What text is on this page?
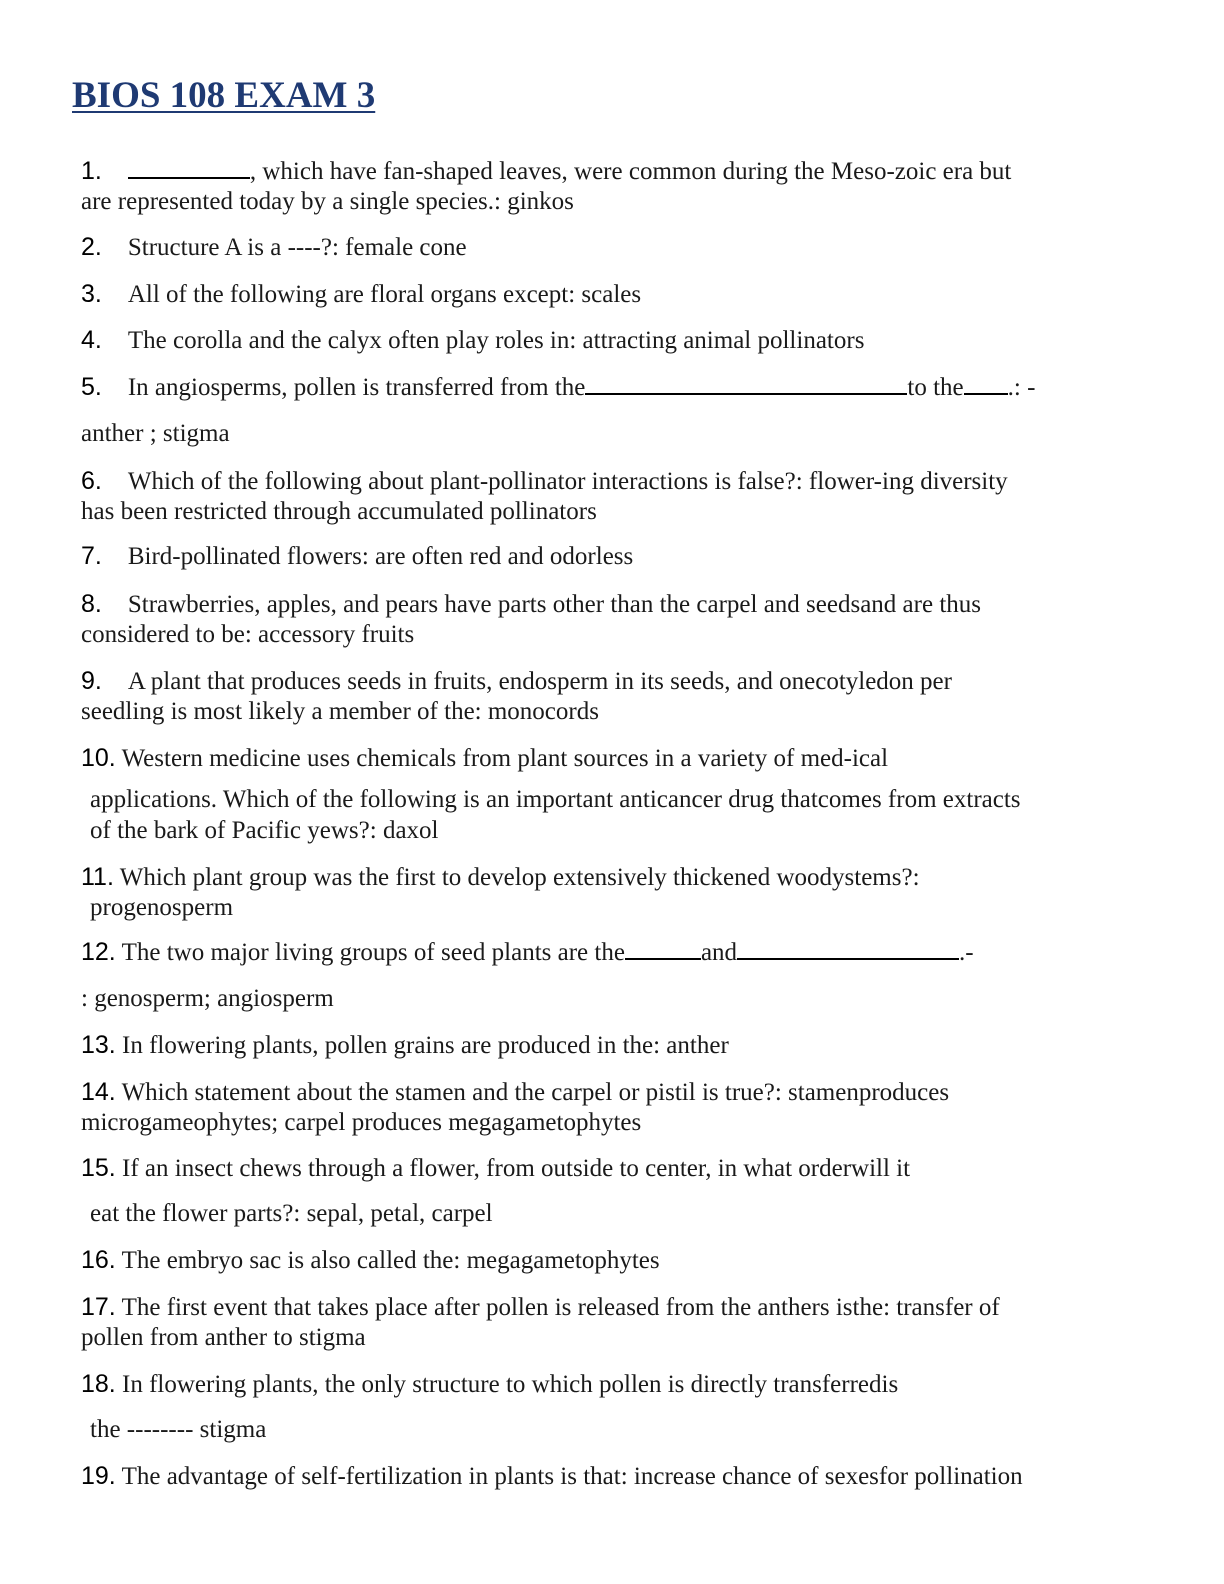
BIOS 108 EXAM 3
1.	, which have fan-shaped leaves, were common during the Meso-zoic era but
are represented today by a single species.: ginkos
2. Structure A is a ----?: female cone
3. All of the following are floral organs except: scales
4. The corolla and the calyx often play roles in: attracting animal pollinators
5. In angiosperms, pollen is transferred from the	to the .: -
anther ; stigma
6. Which of the following about plant-pollinator interactions is false?: flower-ing diversity
has been restricted through accumulated pollinators
7. Bird-pollinated flowers: are often red and odorless
8. Strawberries, apples, and pears have parts other than the carpel and seedsand are thus
considered to be: accessory fruits
9. A plant that produces seeds in fruits, endosperm in its seeds, and onecotyledon per
seedling is most likely a member of the: monocords
10. Western medicine uses chemicals from plant sources in a variety of med-ical
applications. Which of the following is an important anticancer drug thatcomes from extracts
of the bark of Pacific yews?: daxol
11. Which plant group was the first to develop extensively thickened woodystems?:
progenosperm
12. The two major living groups of seed plants are the	and	.-
: genosperm; angiosperm
13. In flowering plants, pollen grains are produced in the: anther
14. Which statement about the stamen and the carpel or pistil is true?: stamenproduces
microgameophytes; carpel produces megagametophytes
15. If an insect chews through a flower, from outside to center, in what orderwill it
eat the flower parts?: sepal, petal, carpel
16. The embryo sac is also called the: megagametophytes
17. The first event that takes place after pollen is released from the anthers isthe: transfer of
pollen from anther to stigma
18. In flowering plants, the only structure to which pollen is directly transferredis
the -------- stigma
19. The advantage of self-fertilization in plants is that: increase chance of sexesfor pollination
